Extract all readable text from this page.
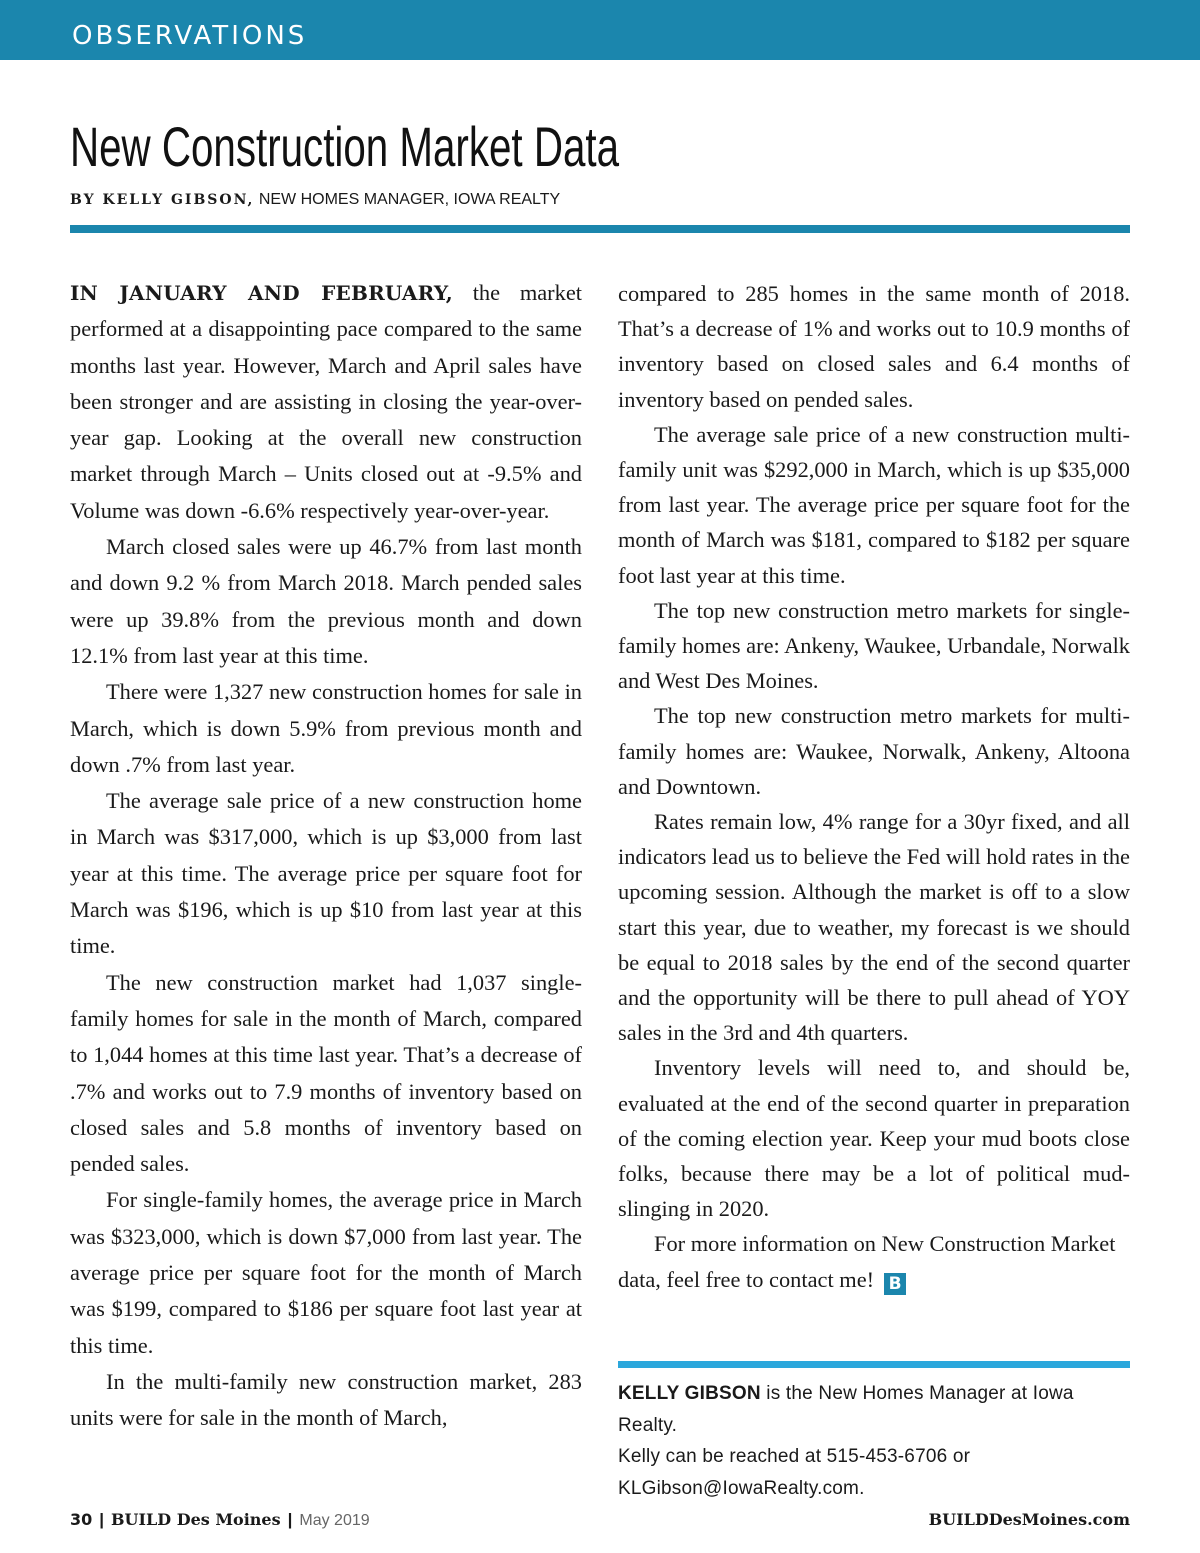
OBSERVATIONS
New Construction Market Data
BY KELLY GIBSON, NEW HOMES MANAGER, IOWA REALTY

IN JANUARY AND FEBRUARY, the market performed at a disappointing pace compared to the same months last year. However, March and April sales have been stronger and are assisting in closing the year-over-year gap. Looking at the overall new construction market through March – Units closed out at -9.5% and Volume was down -6.6% respectively year-over-year.

March closed sales were up 46.7% from last month and down 9.2 % from March 2018. March pended sales were up 39.8% from the previous month and down 12.1% from last year at this time.

There were 1,327 new construction homes for sale in March, which is down 5.9% from previous month and down .7% from last year.

The average sale price of a new construction home in March was $317,000, which is up $3,000 from last year at this time. The average price per square foot for March was $196, which is up $10 from last year at this time.

The new construction market had 1,037 single-family homes for sale in the month of March, compared to 1,044 homes at this time last year. That’s a decrease of .7% and works out to 7.9 months of inventory based on closed sales and 5.8 months of inventory based on pended sales.

For single-family homes, the average price in March was $323,000, which is down $7,000 from last year. The average price per square foot for the month of March was $199, compared to $186 per square foot last year at this time.

In the multi-family new construction market, 283 units were for sale in the month of March,

compared to 285 homes in the same month of 2018. That’s a decrease of 1% and works out to 10.9 months of inventory based on closed sales and 6.4 months of inventory based on pended sales.

The average sale price of a new construction multi-family unit was $292,000 in March, which is up $35,000 from last year. The average price per square foot for the month of March was $181, compared to $182 per square foot last year at this time.

The top new construction metro markets for single-family homes are: Ankeny, Waukee, Urbandale, Norwalk and West Des Moines.

The top new construction metro markets for multi-family homes are: Waukee, Norwalk, Ankeny, Altoona and Downtown.

Rates remain low, 4% range for a 30yr fixed, and all indicators lead us to believe the Fed will hold rates in the upcoming session. Although the market is off to a slow start this year, due to weather, my forecast is we should be equal to 2018 sales by the end of the second quarter and the opportunity will be there to pull ahead of YOY sales in the 3rd and 4th quarters.

Inventory levels will need to, and should be, evaluated at the end of the second quarter in preparation of the coming election year. Keep your mud boots close folks, because there may be a lot of political mud-slinging in 2020.

For more information on New Construction Market data, feel free to contact me! B

KELLY GIBSON is the New Homes Manager at Iowa Realty.

Kelly can be reached at 515-453-6706 or

KLGibson@IowaRealty.com.

30 | BUILD Des Moines | May 2019	BUILDDesMoines.com
